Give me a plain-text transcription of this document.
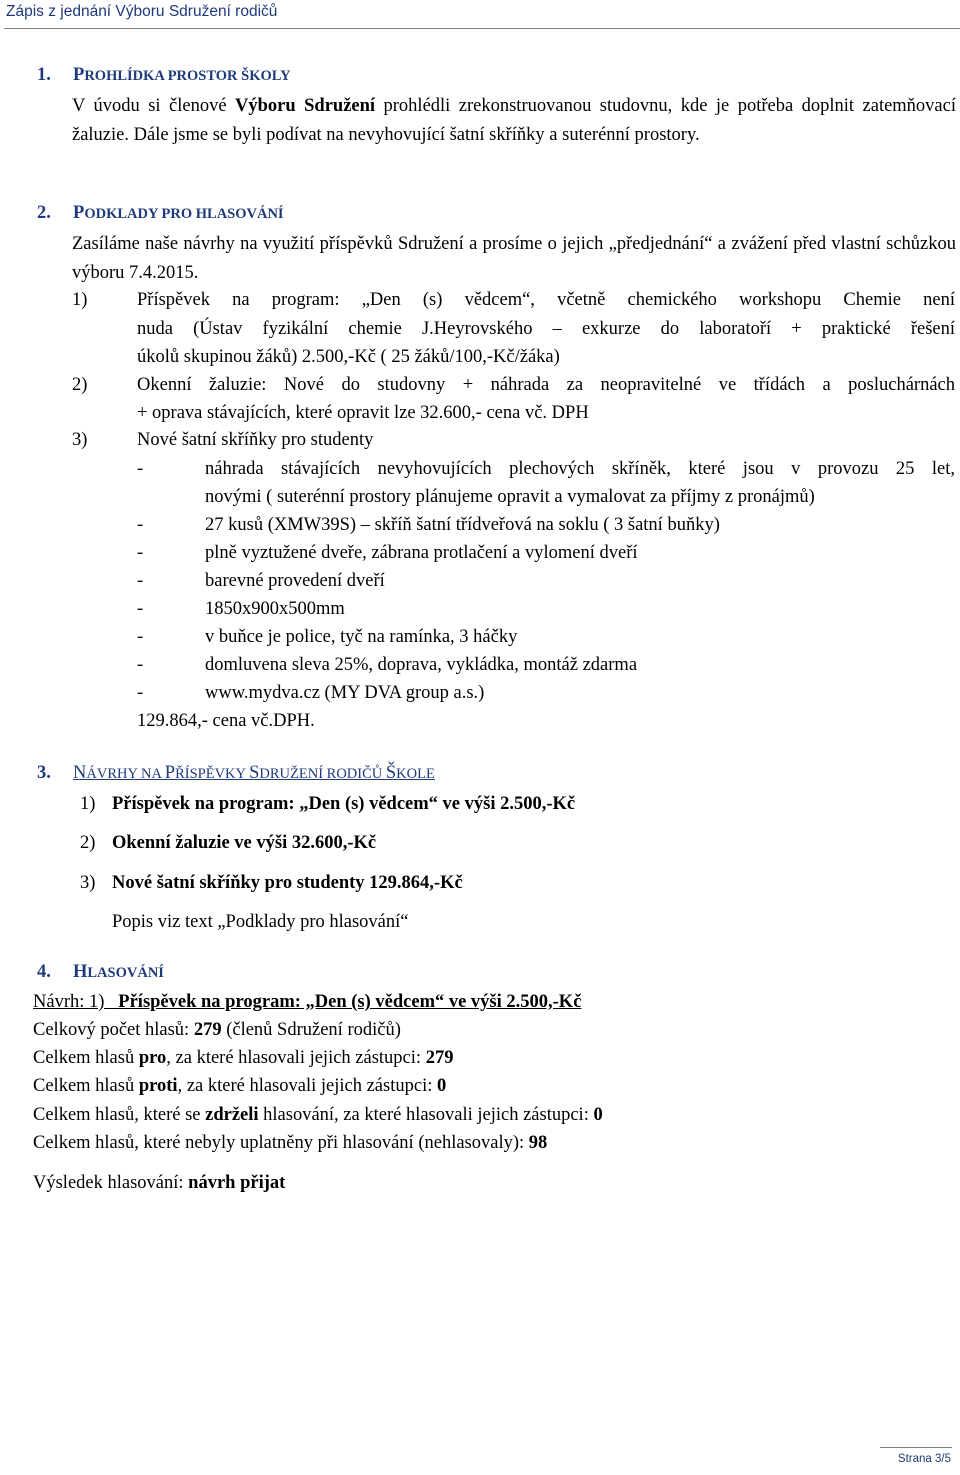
Zápis z jednání Výboru Sdružení rodičů
1. PROHLÍDKA PROSTOR ŠKOLY
V úvodu si členové Výboru Sdružení prohlédli zrekonstruovanou studovnu, kde je potřeba doplnit zatemňovací žaluzie. Dále jsme se byli podívat na nevyhovující šatní skříňky a suterénní prostory.
2. PODKLADY PRO HLASOVÁNÍ
Zasíláme naše návrhy na využití příspěvků Sdružení a prosíme o jejich „předjednání“ a zvážení před vlastní schůzkou výboru 7.4.2015.
1)	Příspěvek na program: „Den (s) vědcem“, včetně chemického workshopu Chemie není
nuda (Ústav fyzikální chemie J.Heyrovského – exkurze do laboratoří + praktické řešení
úkolů skupinou žáků) 2.500,-Kč ( 25 žáků/100,-Kč/žáka)
2)	Okenní žaluzie: Nové do studovny + náhrada za neopravitelné ve třídách a posluchárnách
+ oprava stávajících, které opravit lze 32.600,- cena vč. DPH
3)	Nové šatní skříňky pro studenty
-	náhrada stávajících nevyhovujících plechových skříněk, které jsou v provozu 25 let,
novými ( suterénní prostory plánujeme opravit a vymalovat za příjmy z pronájmů)
-	27 kusů (XMW39S) – skříň šatní třídveřová na soklu ( 3 šatní buňky)
-	plně vyztužené dveře, zábrana protlačení a vylomení dveří
-	barevné provedení dveří
-	1850x900x500mm
-	v buňce je police, tyč na ramínka, 3 háčky
-	domluvena sleva 25%, doprava, vykládka, montáž zdarma
-	www.mydva.cz (MY DVA group a.s.)
129.864,- cena vč.DPH.
3. NÁVRHY NA PŘÍSPĚVKY SDRUŽENÍ RODIČŮ ŠKOLE
1) Příspěvek na program: „Den (s) vědcem“ ve výši 2.500,-Kč
2) Okenní žaluzie ve výši 32.600,-Kč
3) Nové šatní skříňky pro studenty 129.864,-Kč
Popis viz text „Podklady pro hlasování“
4. HLASOVÁNÍ
Návrh: 1) Příspěvek na program: „Den (s) vědcem“ ve výši 2.500,-Kč
Celkový počet hlasů: 279 (členů Sdružení rodičů)
Celkem hlasů pro, za které hlasovali jejich zástupci: 279
Celkem hlasů proti, za které hlasovali jejich zástupci: 0
Celkem hlasů, které se zdrželi hlasování, za které hlasovali jejich zástupci: 0
Celkem hlasů, které nebyly uplatněny při hlasování (nehlasovaly): 98
Výsledek hlasování: návrh přijat
Strana 3/5
